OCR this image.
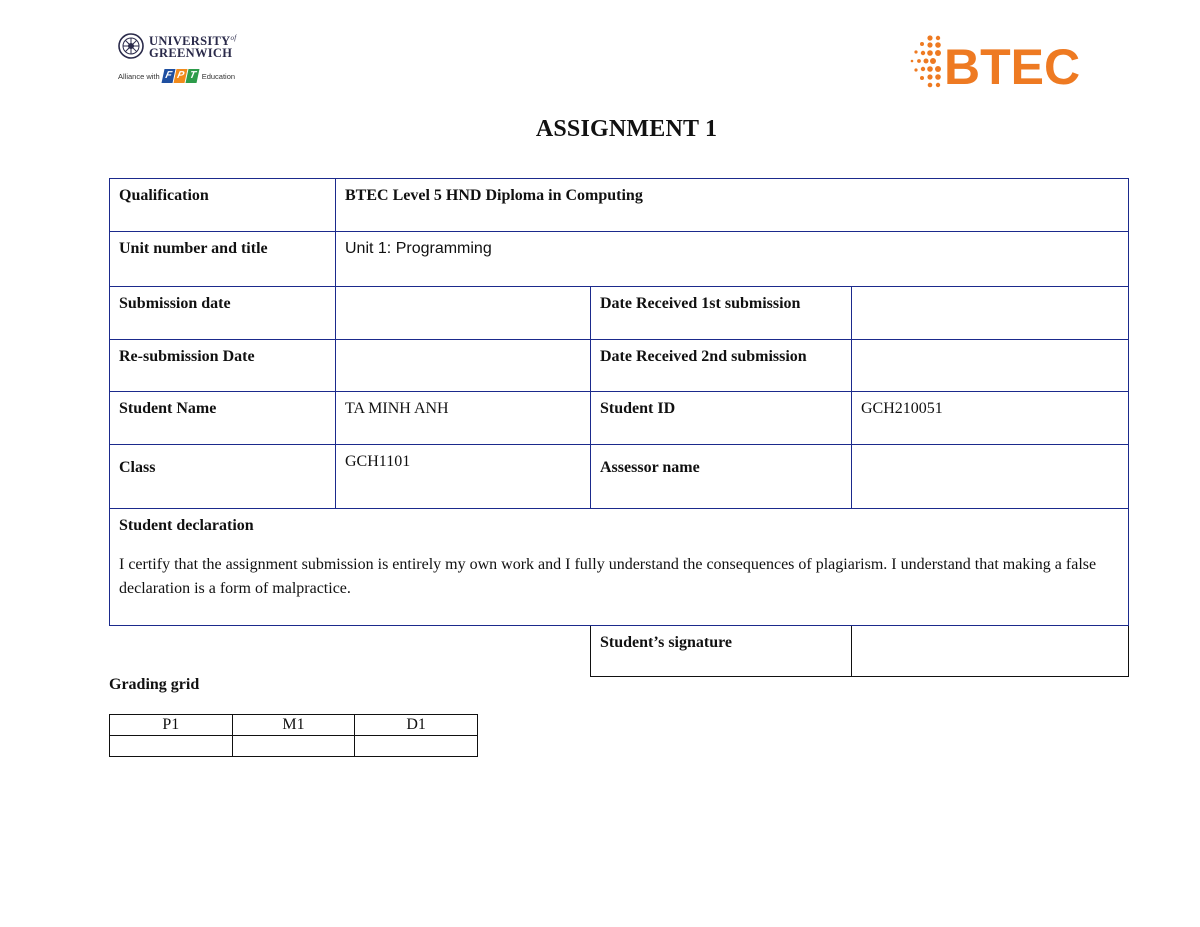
$UNIVERSITY^{of}$
GREENWICH
Alliance with F P T Education	BTEC
ASSIGNMENT 1
Qualification	BTEC Level 5 HND Diploma in Computing		
Unit number and title	Unit 1: Programming		
Submission date		Date Received 1st submission	
Re-submission Date		Date Received 2nd submission	
Student Name	TA MINH ANH	Student ID	GCH210051
Class	GCH1101	Assessor name	

Student declaration
I certify that the assignment submission is entirely my own work and I fully understand the consequences of plagiarism. I understand that making a false declaration is a form of malpractice.			

		Student’s signature	
Grading grid
P1	M1	D1
